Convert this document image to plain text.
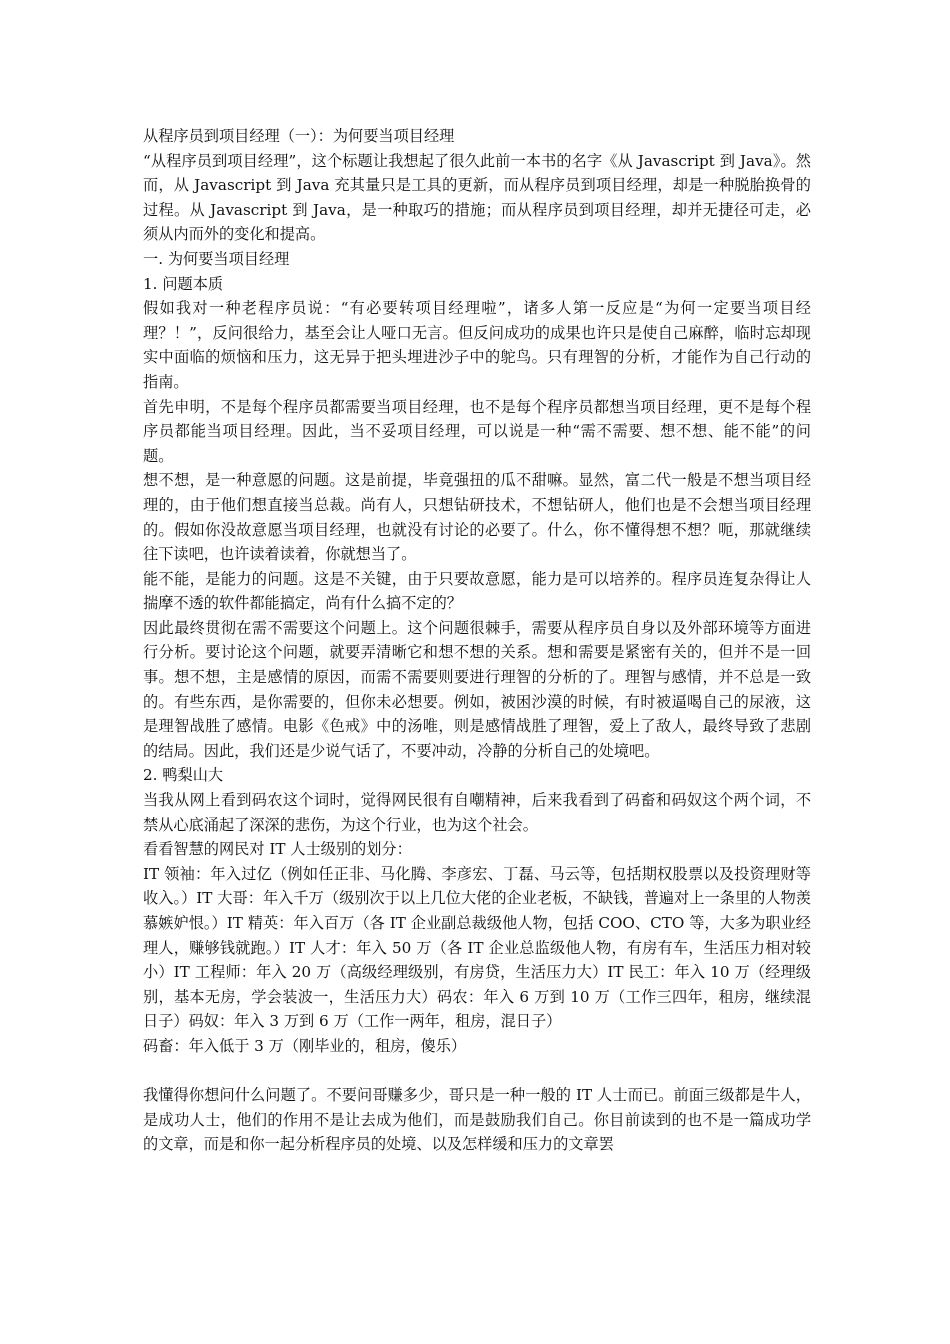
从程序员到项目经理（一）：为何要当项目经理

“从程序员到项目经理”，这个标题让我想起了很久此前一本书的名字《从 Javascript 到 Java》。然而，从 Javascript 到 Java 充其量只是工具的更新，而从程序员到项目经理，却是一种脱胎换骨的过程。从 Javascript 到 Java，是一种取巧的措施；而从程序员到项目经理，却并无捷径可走，必须从内而外的变化和提高。

一. 为何要当项目经理

1. 问题本质

假如我对一种老程序员说：“有必要转项目经理啦”，诸多人第一反应是“为何一定要当项目经理？！”，反问很给力，基至会让人哑口无言。但反问成功的成果也许只是使自己麻醉，临时忘却现实中面临的烦恼和压力，这无异于把头埋进沙子中的鸵鸟。只有理智的分析，才能作为自己行动的指南。

首先申明，不是每个程序员都需要当项目经理，也不是每个程序员都想当项目经理，更不是每个程序员都能当项目经理。因此，当不妥项目经理，可以说是一种“需不需要、想不想、能不能”的问题。

想不想，是一种意愿的问题。这是前提，毕竟强扭的瓜不甜嘛。显然，富二代一般是不想当项目经理的，由于他们想直接当总裁。尚有人，只想钻研技术，不想钻研人，他们也是不会想当项目经理的。假如你没故意愿当项目经理，也就没有讨论的必要了。什么，你不懂得想不想？呃，那就继续往下读吧，也许读着读着，你就想当了。

能不能，是能力的问题。这是不关键，由于只要故意愿，能力是可以培养的。程序员连复杂得让人揣摩不透的软件都能搞定，尚有什么搞不定的？

因此最终贯彻在需不需要这个问题上。这个问题很棘手，需要从程序员自身以及外部环境等方面进行分析。要讨论这个问题，就要弄清晰它和想不想的关系。想和需要是紧密有关的，但并不是一回事。想不想，主是感情的原因，而需不需要则要进行理智的分析的了。理智与感情，并不总是一致的。有些东西，是你需要的，但你未必想要。例如，被困沙漠的时候，有时被逼喝自己的尿液，这是理智战胜了感情。电影《色戒》中的汤唯，则是感情战胜了理智，爱上了敌人，最终导致了悲剧的结局。因此，我们还是少说气话了，不要冲动，冷静的分析自己的处境吧。

2. 鸭梨山大

当我从网上看到码农这个词时，觉得网民很有自嘲精神，后来我看到了码畜和码奴这个两个词，不禁从心底涌起了深深的悲伤，为这个行业，也为这个社会。

看看智慧的网民对 IT 人士级别的划分：

IT 领袖：年入过亿（例如任正非、马化腾、李彦宏、丁磊、马云等，包括期权股票以及投资理财等收入。）IT 大哥：年入千万（级别次于以上几位大佬的企业老板，不缺钱，普遍对上一条里的人物羡慕嫉妒恨。）IT 精英：年入百万（各 IT 企业副总裁级他人物，包括 COO、CTO 等，大多为职业经理人，赚够钱就跑。）IT 人才：年入 50 万（各 IT 企业总监级他人物，有房有车，生活压力相对较小）IT 工程师：年入 20 万（高级经理级别，有房贷，生活压力大）IT 民工：年入 10 万（经理级别，基本无房，学会装波一，生活压力大）码农：年入 6 万到 10 万（工作三四年，租房，继续混日子）码奴：年入 3 万到 6 万（工作一两年，租房，混日子）

码畜：年入低于 3 万（刚毕业的，租房，傻乐）

我懂得你想问什么问题了。不要问哥赚多少，哥只是一种一般的 IT 人士而已。前面三级都是牛人，是成功人士，他们的作用不是让去成为他们，而是鼓励我们自己。你目前读到的也不是一篇成功学的文章，而是和你一起分析程序员的处境、以及怎样缓和压力的文章罢
